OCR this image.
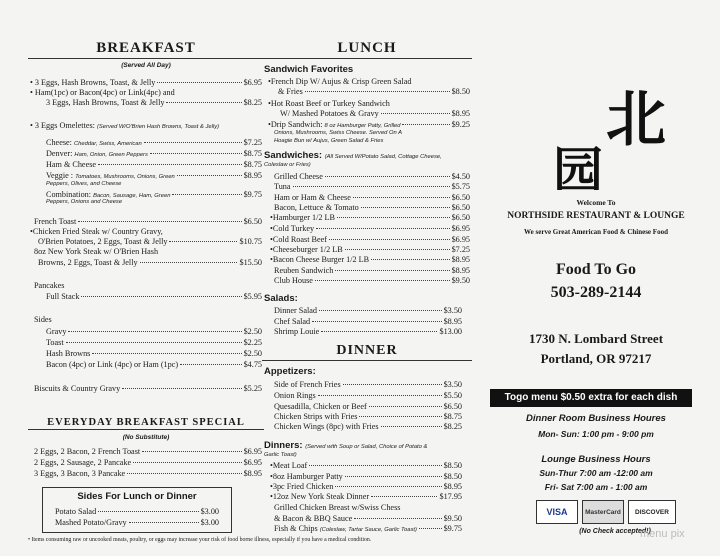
BREAKFAST
(Served All Day)
• 3 Eggs, Hash Browns, Toast, & Jelly	$6.95
• Ham(1pc) or Bacon(4pc) or Link(4pc) and
3 Eggs, Hash Browns, Toast & Jelly	$8.25
• 3 Eggs Omelettes:
(Served W/O'Brien Hash Browns, Toast & Jelly)
Cheese:
Cheddar, Swiss, American	$7.25
Denver:
Ham, Onion, Green Peppers	$8.75
Ham & Cheese	$8.75
Veggie :
Tomatoes, Mushrooms, Onions, Green	$8.95
Peppers, Olives, and Cheese
Combination:
Bacon, Sausage, Ham, Green	$9.75
Peppers, Onions and Cheese
French Toast	$6.50
•Chicken Fried Steak w/ Country Gravy,
O'Brien Potatoes, 2 Eggs, Toast & Jelly	$10.75
8oz New York Steak w/ O'Brien Hash
Browns, 2 Eggs, Toast & Jelly	$15.50
Pancakes
Full Stack	$5.95
Sides
Gravy	$2.50
Toast	$2.25
Hash Browns	$2.50
Bacon (4pc) or Link (4pc) or Ham (1pc)	$4.75
Biscuits & Country Gravy	$5.25
EVERYDAY BREAKFAST SPECIAL
(No Substitute)
2 Eggs, 2 Bacon, 2 French Toast	$6.95
2 Eggs, 2 Sausage, 2 Pancake	$6.95
3 Eggs, 3 Bacon, 3 Pancake	$8.95
Sides For Lunch or Dinner
Potato Salad	$3.00
Mashed Potato/Gravy	$3.00
• Items consuming raw or uncooked meats, poultry, or eggs may increase your risk of food borne illness, especially if you have a medical condition.
LUNCH
Sandwich Favorites
•French Dip W/ Aujus & Crisp Green Salad
& Fries	$8.50
•Hot Roast Beef or Turkey Sandwich
W/ Mashed Potatoes & Gravy	$8.95
•Drip Sandwich:
8 oz Hamburger Patty, Grilled	$9.25
Onions, Mushrooms, Swiss Cheese. Served On A
Hoagie Bun w/ Aujus, Green Salad & Fries
Sandwiches: (All Served W/Potato Salad, Cottage Cheese,
Coleslaw or Fries)
Grilled Cheese	$4.50
Tuna	$5.75
Ham or Ham & Cheese	$6.50
Bacon, Lettuce & Tomato	$6.50
•Hamburger 1/2 LB	$6.50
•Cold Turkey	$6.95
•Cold Roast Beef	$6.95
•Cheeseburger 1/2 LB	$7.25
•Bacon Cheese Burger 1/2 LB	$8.95
Reuben Sandwich	$8.95
Club House	$9.50
Salads:
Dinner Salad	$3.50
Chef Salad	$8.95
Shrimp Louie	$13.00
DINNER
Appetizers:
Side of French Fries	$3.50
Onion Rings	$5.50
Quesadilla, Chicken or Beef	$6.50
Chicken Strips with Fries	$8.75
Chicken Wings (8pc) with Fries	$8.25
Dinners: (Served with Soup or Salad, Choice of Potato &
Garlic Toast)
•Meat Loaf	$8.50
•8oz Hamburger Patty	$8.50
•3pc Fried Chicken	$8.95
•12oz New York Steak Dinner	$17.95
Grilled Chicken Breast w/Swiss Chess
& Bacon & BBQ Sauce	$9.50
Fish & Chips
(Coleslaw, Tartar Sauce, Garlic Toast)	$9.75
北
园
Welcome To
NORTHSIDE RESTAURANT & LOUNGE
We serve Great American Food & Chinese Food
Food To Go
503-289-2144
1730 N. Lombard Street
Portland, OR 97217
Togo menu $0.50 extra for each dish
Dinner Room Business Houres
Mon- Sun: 1:00 pm - 9:00 pm
Lounge Business Hours
Sun-Thur 7:00 am -12:00 am
Fri- Sat 7:00 am - 1:00 am
VISA	MasterCard	DISCOVER
(No Check accepted!)
menu pix
